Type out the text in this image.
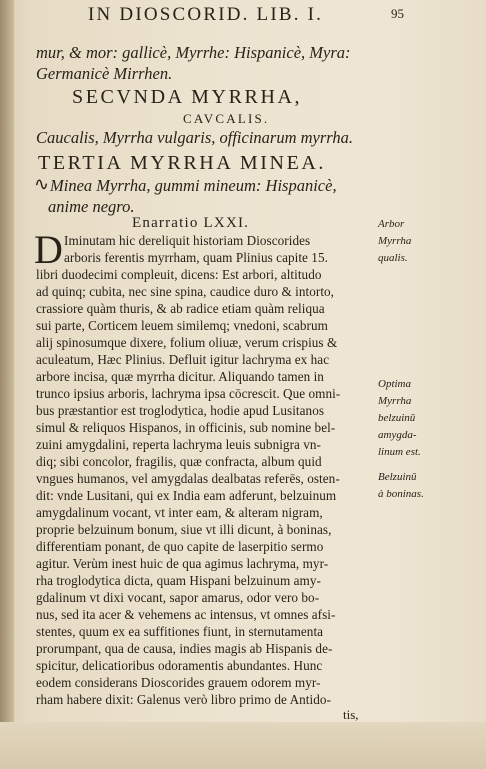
IN DIOSCORID. LIB. I.	95
mur, & mor: gallicè, Myrrhe: Hispanicè, Myra:
Germanicè Mirrhen.
SECVNDA MYRRHA,
CAVCALIS.
Caucalis, Myrrha vulgaris, officinarum myrrha.
TERTIA MYRRHA MINEA.
∿ Minea Myrrha, gummi mineum: Hispanicè,
anime negro.
Enarratio LXXI.
D Iminutam hic dereliquit historiam Dioscorides
arboris ferentis myrrham, quam Plinius capite 15.
libri duodecimi compleuit, dicens: Est arbori, altitudo
ad quinq; cubita, nec sine spina, caudice duro & intorto,
crassiore quàm thuris, & ab radice etiam quàm reliqua
sui parte, Corticem leuem similemq; vnedoni, scabrum
alij spinosumque dixere, folium oliuæ, verum crispius &
aculeatum, Hæc Plinius. Defluit igitur lachryma ex hac
arbore incisa, quæ myrrha dicitur. Aliquando tamen in
trunco ipsius arboris, lachryma ipsa cōcrescit. Que omni-
bus præstantior est troglodytica, hodie apud Lusitanos
simul & reliquos Hispanos, in officinis, sub nomine bel-
zuini amygdalini, reperta lachryma leuis subnigra vn-
diq; sibi concolor, fragilis, quæ confracta, album quid
vngues humanos, vel amygdalas dealbatas referēs, osten-
dit: vnde Lusitani, qui ex India eam adferunt, belzuinum
amygdalinum vocant, vt inter eam, & alteram nigram,
proprie belzuinum bonum, siue vt illi dicunt, à boninas,
differentiam ponant, de quo capite de laserpitio sermo
agitur. Verùm inest huic de qua agimus lachryma, myr-
rha troglodytica dicta, quam Hispani belzuinum amy-
gdalinum vt dixi vocant, sapor amarus, odor vero bo-
nus, sed ita acer & vehemens ac intensus, vt omnes afsi-
stentes, quum ex ea suffitiones fiunt, in sternutamenta
prorumpant, qua de causa, indies magis ab Hispanis de-
spicitur, delicatioribus odoramentis abundantes. Hunc
eodem considerans Dioscorides grauem odorem myr-
rham habere dixit: Galenus verò libro primo de Antido-
tis,
Arbor
Myrrha
qualis.
Optima
Myrrha
belzuinū
amygda-
linum est.
Belzuinū
à boninas.
